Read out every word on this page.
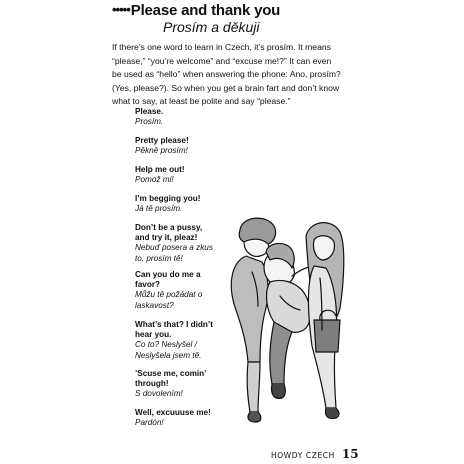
••••• Please and thank you
Prosím a děkuji
If there’s one word to learn in Czech, it’s prosím. It means
“please,” “you’re welcome” and “excuse me!?” It can even
be used as “hello” when answering the phone: Ano, prosím?
(Yes, please?). So when you get a brain fart and don’t know
what to say, at least be polite and say “please.”
Please.
Prosím.
Pretty please!
Pěkně prosím!
Help me out!
Pomož mi!
I’m begging you!
Já tě prosím.
Don’t be a pussy,
and try it, pleaz!
Nebuď posera a zkus
to, prosím tě!
Can you do me a
favor?
Můžu tě požádat o
laskavost?
What’s that? I didn’t
hear you.
Co to? Neslyšel /
Neslyšela jsem tě.
’Scuse me, comin’
through!
S dovolením!
Well, excuuuse me!
Pardón!
HOWDY CZECH 15
